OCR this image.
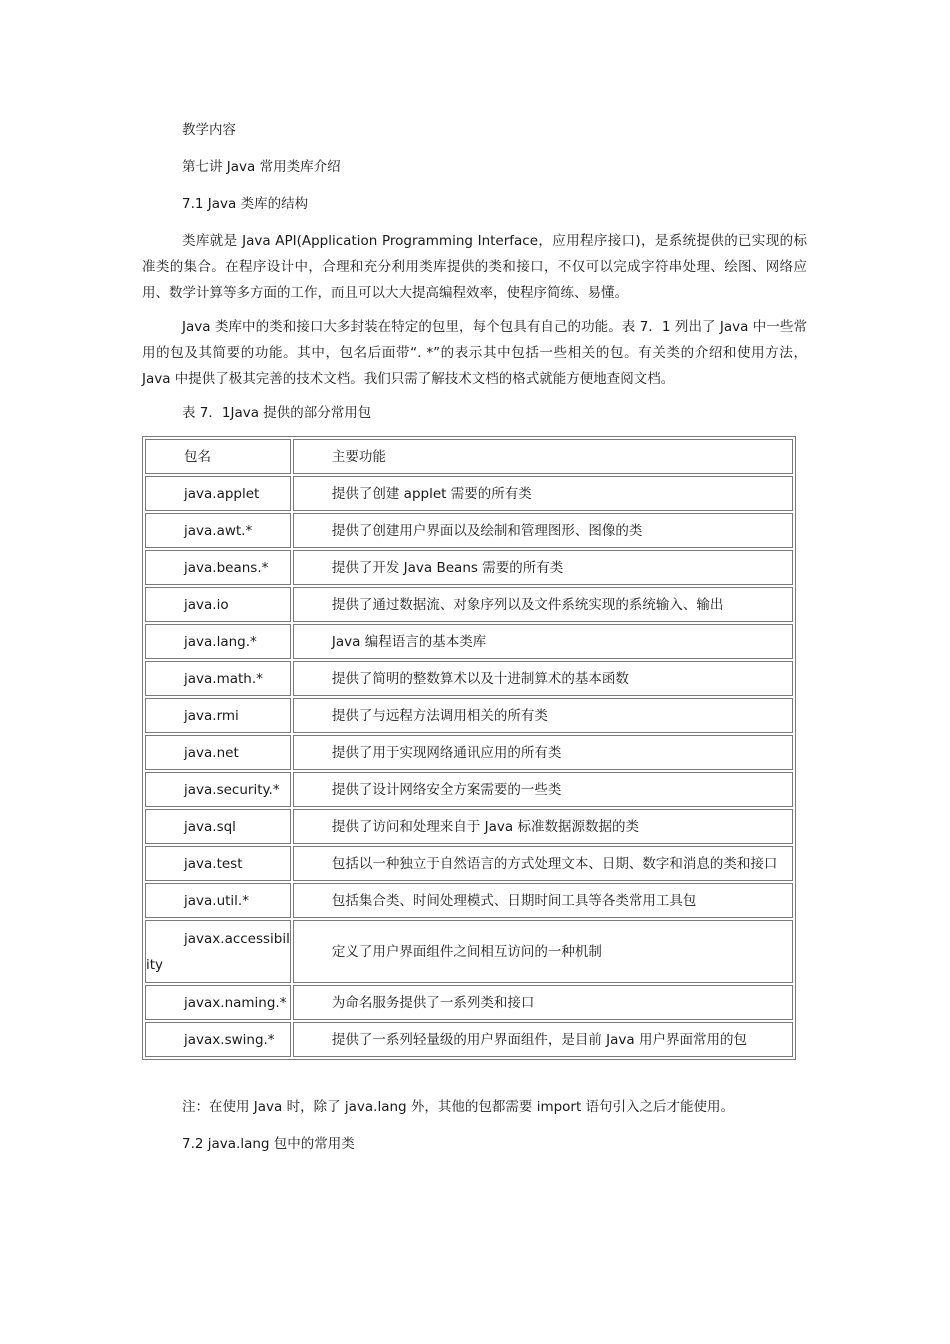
教学内容
第七讲 Java 常用类库介绍
7.1 Java 类库的结构
类库就是 Java API(Application Programming Interface，应用程序接口)，是系统提供的已实现的标准类的集合。在程序设计中，合理和充分利用类库提供的类和接口，不仅可以完成字符串处理、绘图、网络应用、数学计算等多方面的工作，而且可以大大提高编程效率，使程序简练、易懂。
Java 类库中的类和接口大多封装在特定的包里，每个包具有自己的功能。表 7．1 列出了 Java 中一些常用的包及其简要的功能。其中，包名后面带“. *”的表示其中包括一些相关的包。有关类的介绍和使用方法，Java 中提供了极其完善的技术文档。我们只需了解技术文档的格式就能方便地查阅文档。
表 7．1Java 提供的部分常用包
包名	主要功能
java.applet	提供了创建 applet 需要的所有类
java.awt.*	提供了创建用户界面以及绘制和管理图形、图像的类
java.beans.*	提供了开发 Java Beans 需要的所有类
java.io	提供了通过数据流、对象序列以及文件系统实现的系统输入、输出
java.lang.*	Java 编程语言的基本类库
java.math.*	提供了简明的整数算术以及十进制算术的基本函数
java.rmi	提供了与远程方法调用相关的所有类
java.net	提供了用于实现网络通讯应用的所有类
java.security.*	提供了设计网络安全方案需要的一些类
java.sql	提供了访问和处理来自于 Java 标准数据源数据的类
java.test	包括以一种独立于自然语言的方式处理文本、日期、数字和消息的类和接口
java.util.*	包括集合类、时间处理模式、日期时间工具等各类常用工具包

javax.accessibil
ity	定义了用户界面组件之间相互访问的一种机制
javax.naming.*	为命名服务提供了一系列类和接口
javax.swing.*	提供了一系列轻量级的用户界面组件，是目前 Java 用户界面常用的包
注：在使用 Java 时，除了 java.lang 外，其他的包都需要 import 语句引入之后才能使用。
7.2 java.lang 包中的常用类
